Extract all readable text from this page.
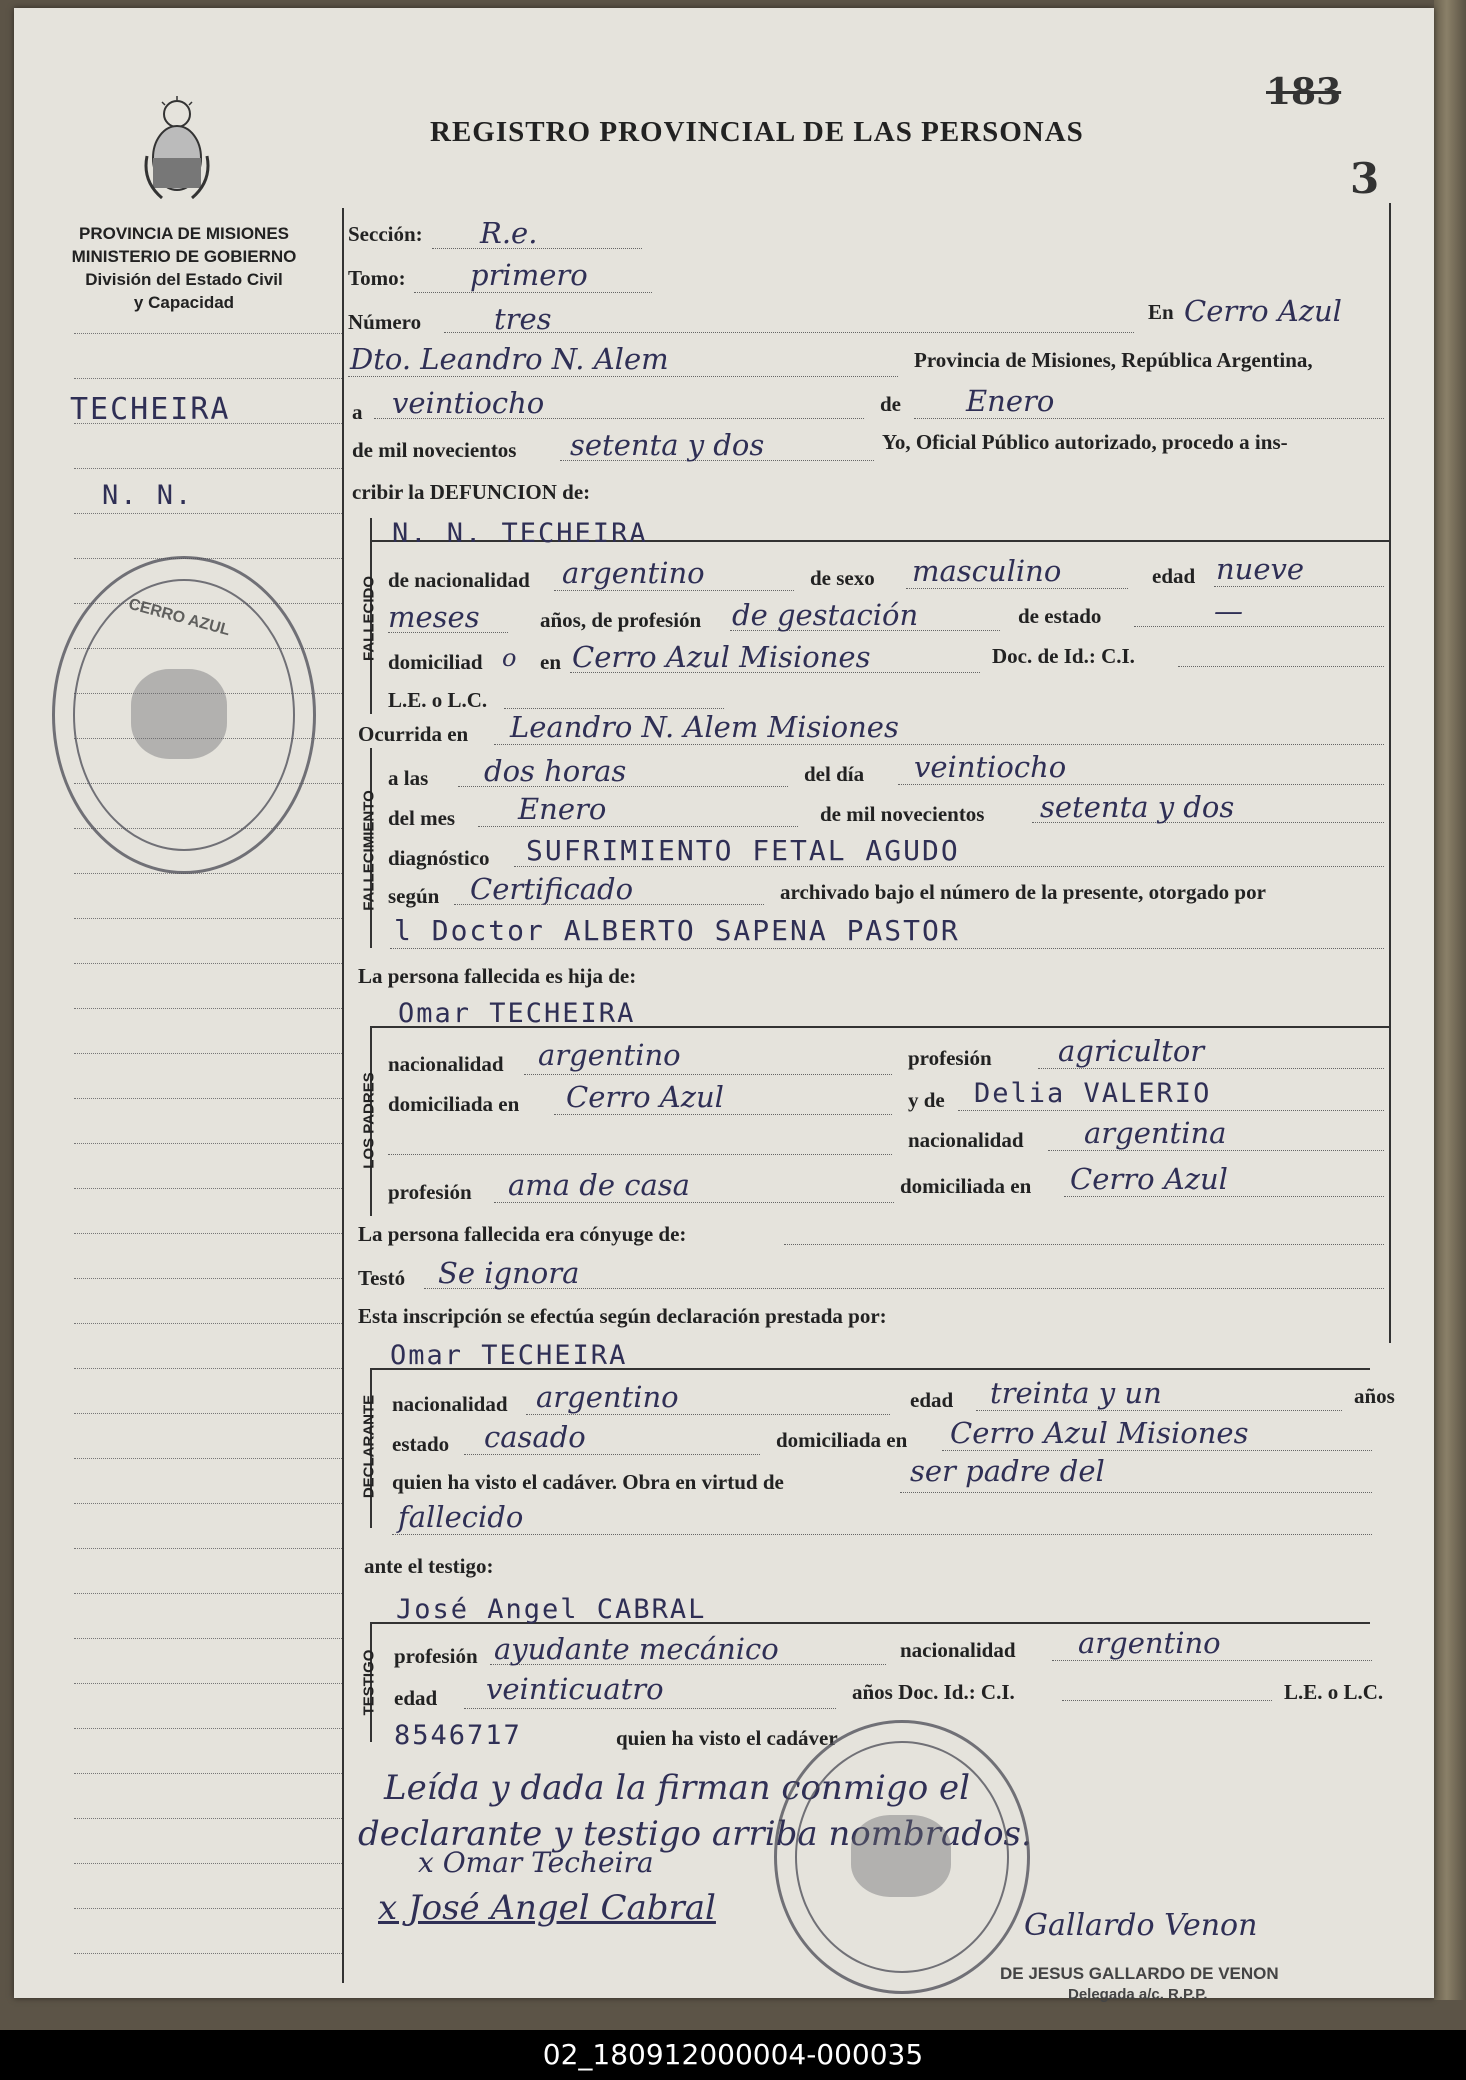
REGISTRO PROVINCIAL DE LAS PERSONAS
183
3
PROVINCIA DE MISIONES
MINISTERIO DE GOBIERNO
División del Estado Civil
y Capacidad
TECHEIRA
N. N.
CERRO AZUL
Sección: R.e.
Tomo: primero
Número	tres	En Cerro Azul
Dto. Leandro N. Alem	Provincia de Misiones, República Argentina,
a veintiocho	de Enero
de mil novecientos setenta y dos	Yo, Oficial Público autorizado, procedo a ins-
cribir la DEFUNCION de:
FALLECIDO
N. N. TECHEIRA
de nacionalidad argentino	de sexo masculino	edad nueve
meses	años, de profesión de gestación	de estado	—
domiciliad o en Cerro Azul Misiones	Doc. de Id.: C.I.
L.E. o L.C.
Ocurrida en Leandro N. Alem Misiones
FALLECIMIENTO
a las dos horas	del día veintiocho
del mes Enero	de mil novecientos setenta y dos
diagnóstico SUFRIMIENTO FETAL AGUDO
según Certificado	archivado bajo el número de la presente, otorgado por
l Doctor ALBERTO SAPENA PASTOR
La persona fallecida es hija de:
Omar TECHEIRA
LOS PADRES
nacionalidad argentino	profesión agricultor
domiciliada en Cerro Azul	y de Delia VALERIO
nacionalidad argentina
profesión ama de casa	domiciliada en Cerro Azul
La persona fallecida era cónyuge de:
Testó Se ignora
Esta inscripción se efectúa según declaración prestada por:
Omar TECHEIRA
DECLARANTE nacionalidad argentino	edad treinta y un	años
estado casado	domiciliada en Cerro Azul Misiones
quien ha visto el cadáver. Obra en virtud de	ser padre del
fallecido
ante el testigo:
José Angel CABRAL
TESTIGO profesión ayudante mecánico	nacionalidad argentino
edad veinticuatro	años Doc. Id.: C.I.	L.E. o L.C.
8546717	quien ha visto el cadáver
Leída y dada la firman conmigo el
declarante y testigo arriba nombrados.
x Omar Techeira
x José Angel Cabral	Gallardo Venon
DE JESUS GALLARDO DE VENON
Delegada a/c. R.P.P.
02_180912000004-000035
